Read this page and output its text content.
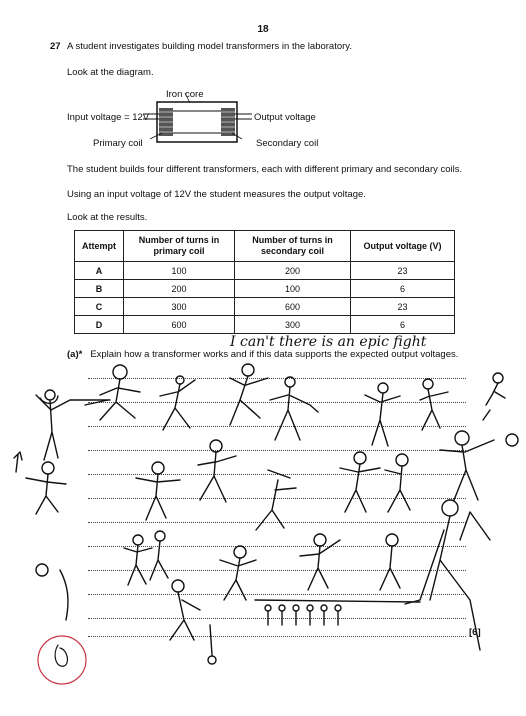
18
27 A student investigates building model transformers in the laboratory.
Look at the diagram.
Iron core
Input voltage = 12V	Output voltage
Primary coil	Secondary coil
The student builds four different transformers, each with different primary and secondary coils.
Using an input voltage of 12V the student measures the output voltage.
Look at the results.
Attempt	Number of turns in primary coil	Number of turns in secondary coil	Output voltage (V)
A	100	200	23
B	200	100	6
C	300	600	23
D	600	300	6
(a)* Explain how a transformer works and if this data supports the expected output voltages.
[6]
I can't there is an epic fight
